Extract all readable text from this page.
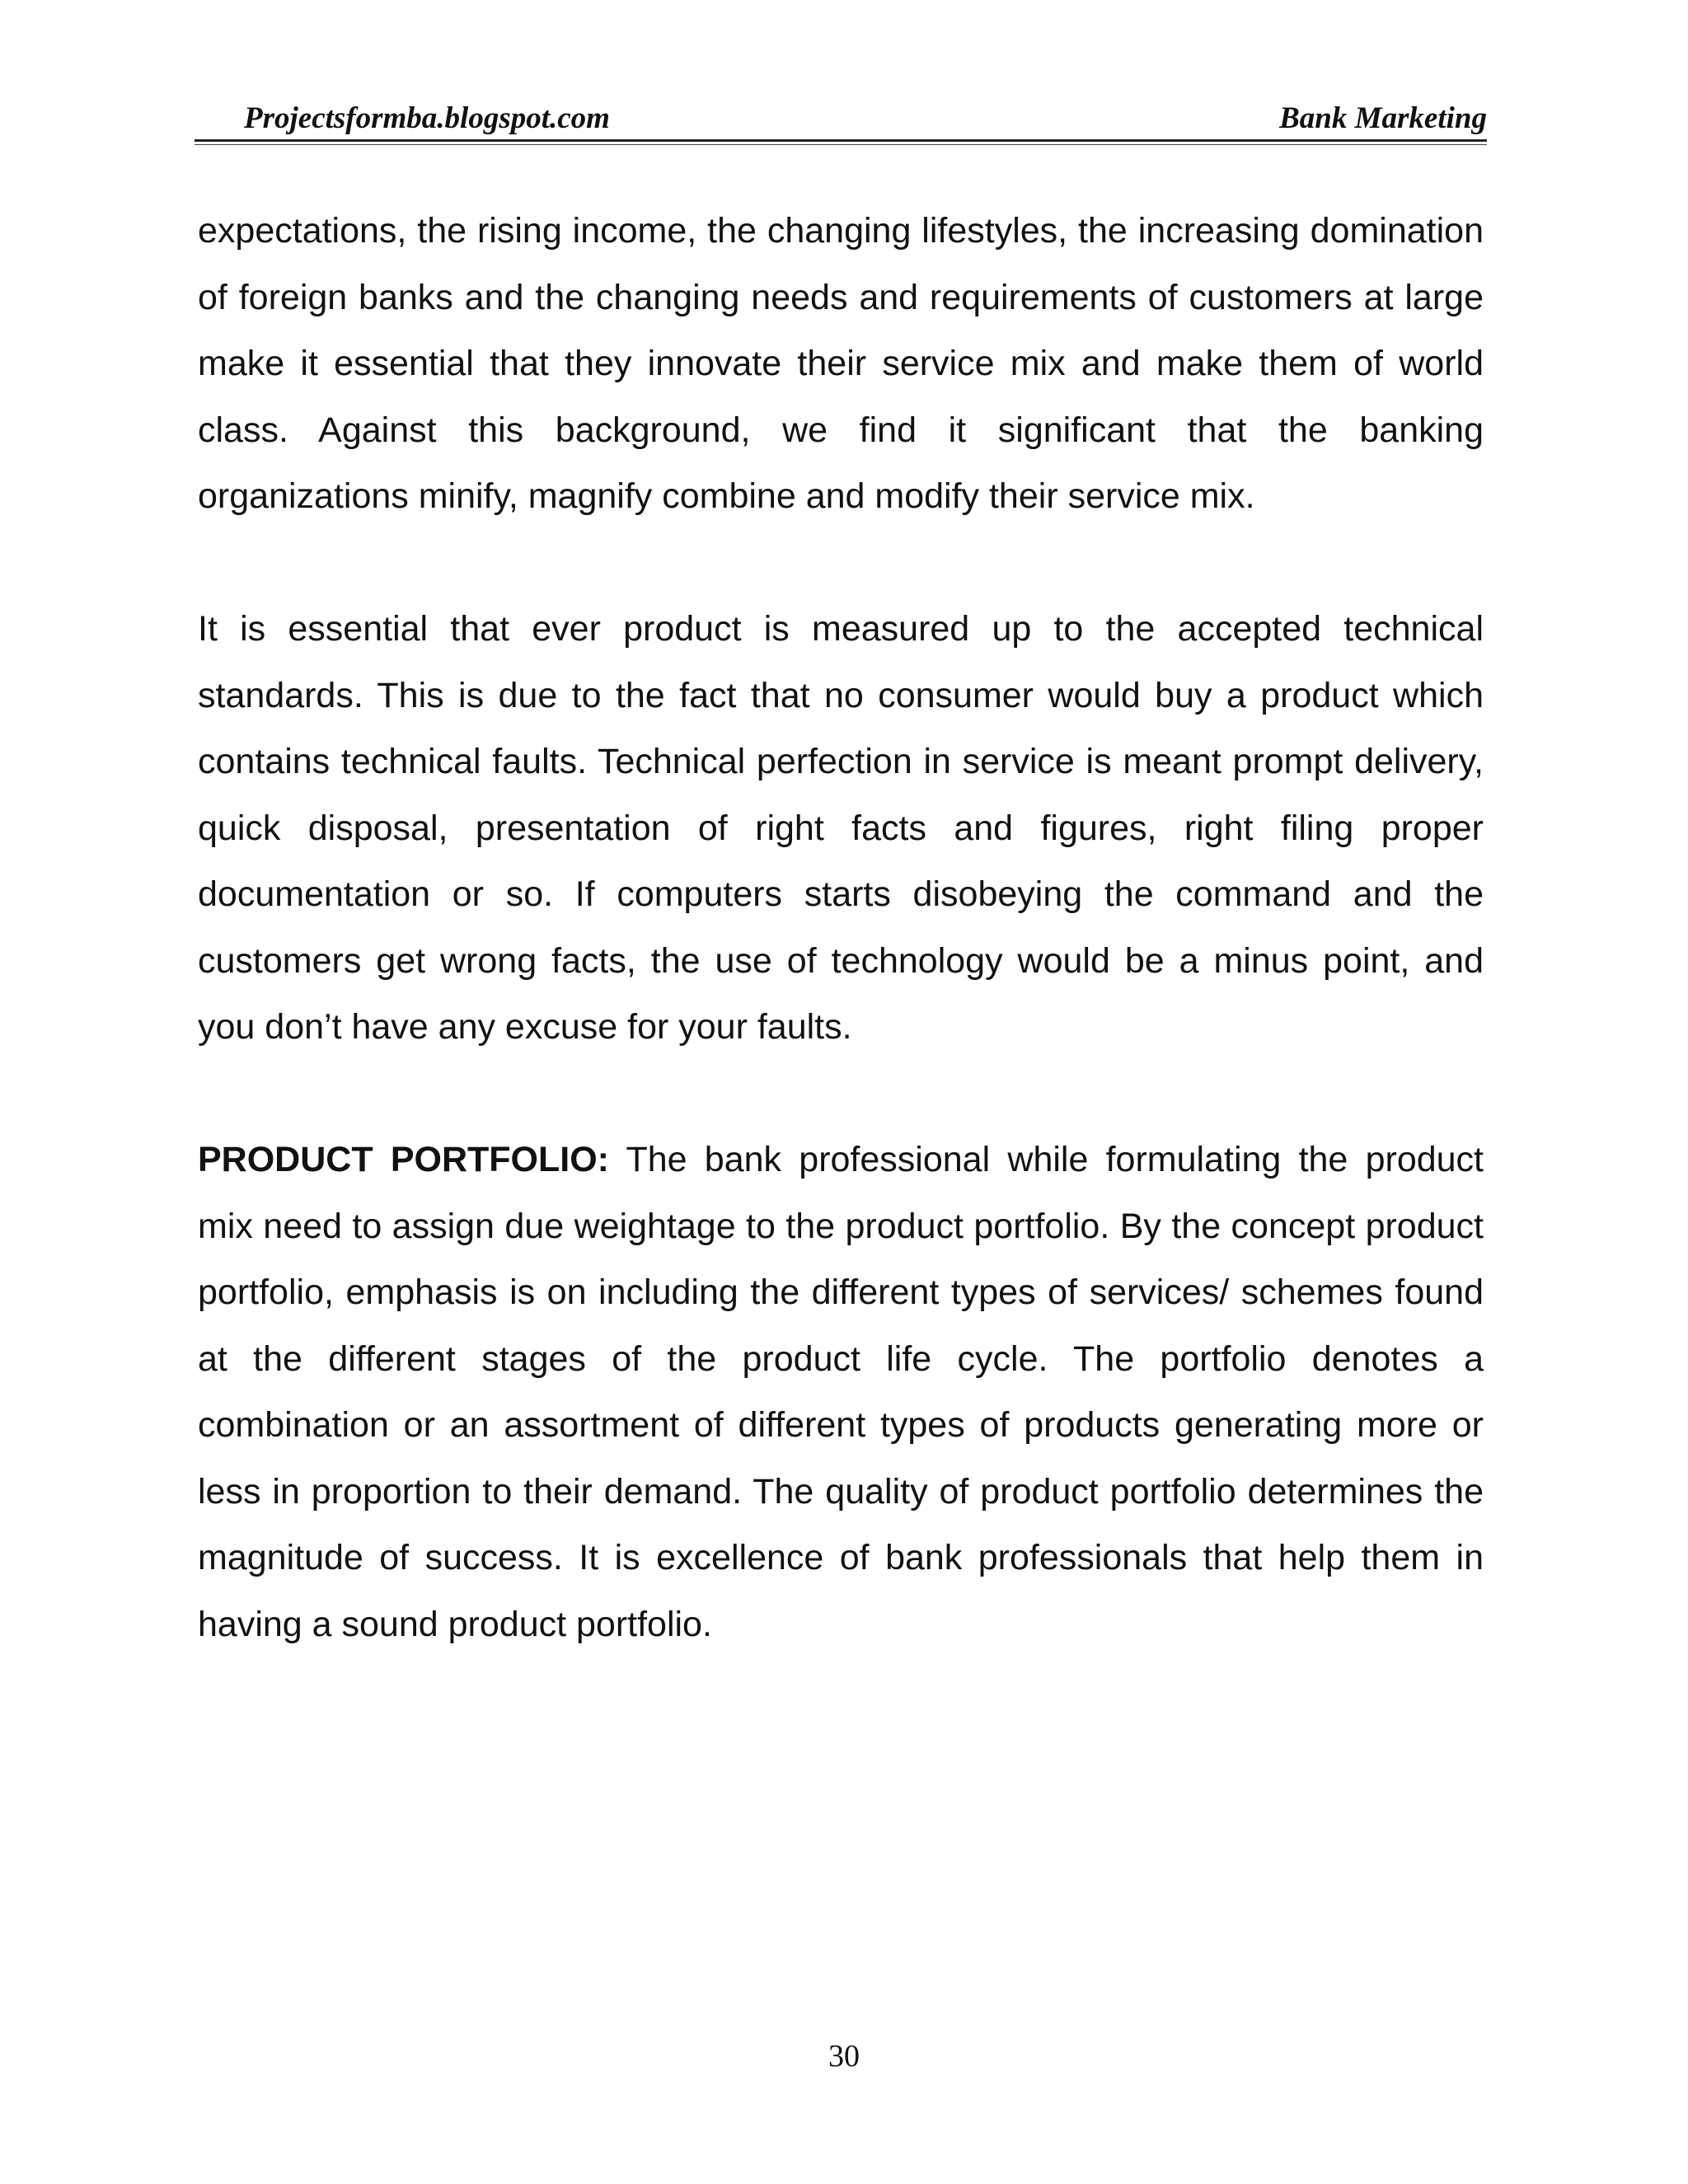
Projectsformba.blogspot.com	Bank Marketing

expectations, the rising income, the changing lifestyles, the increasing domination of foreign banks and the changing needs and requirements of customers at large make it essential that they innovate their service mix and make them of world class. Against this background, we find it significant that the banking organizations minify, magnify combine and modify their service mix.

It is essential that ever product is measured up to the accepted technical standards. This is due to the fact that no consumer would buy a product which contains technical faults. Technical perfection in service is meant prompt delivery, quick disposal, presentation of right facts and figures, right filing proper documentation or so. If computers starts disobeying the command and the customers get wrong facts, the use of technology would be a minus point, and you don’t have any excuse for your faults.

PRODUCT PORTFOLIO: The bank professional while formulating the product mix need to assign due weightage to the product portfolio. By the concept product portfolio, emphasis is on including the different types of services/ schemes found at the different stages of the product life cycle. The portfolio denotes a combination or an assortment of different types of products generating more or less in proportion to their demand. The quality of product portfolio determines the magnitude of success. It is excellence of bank professionals that help them in having a sound product portfolio.

30
